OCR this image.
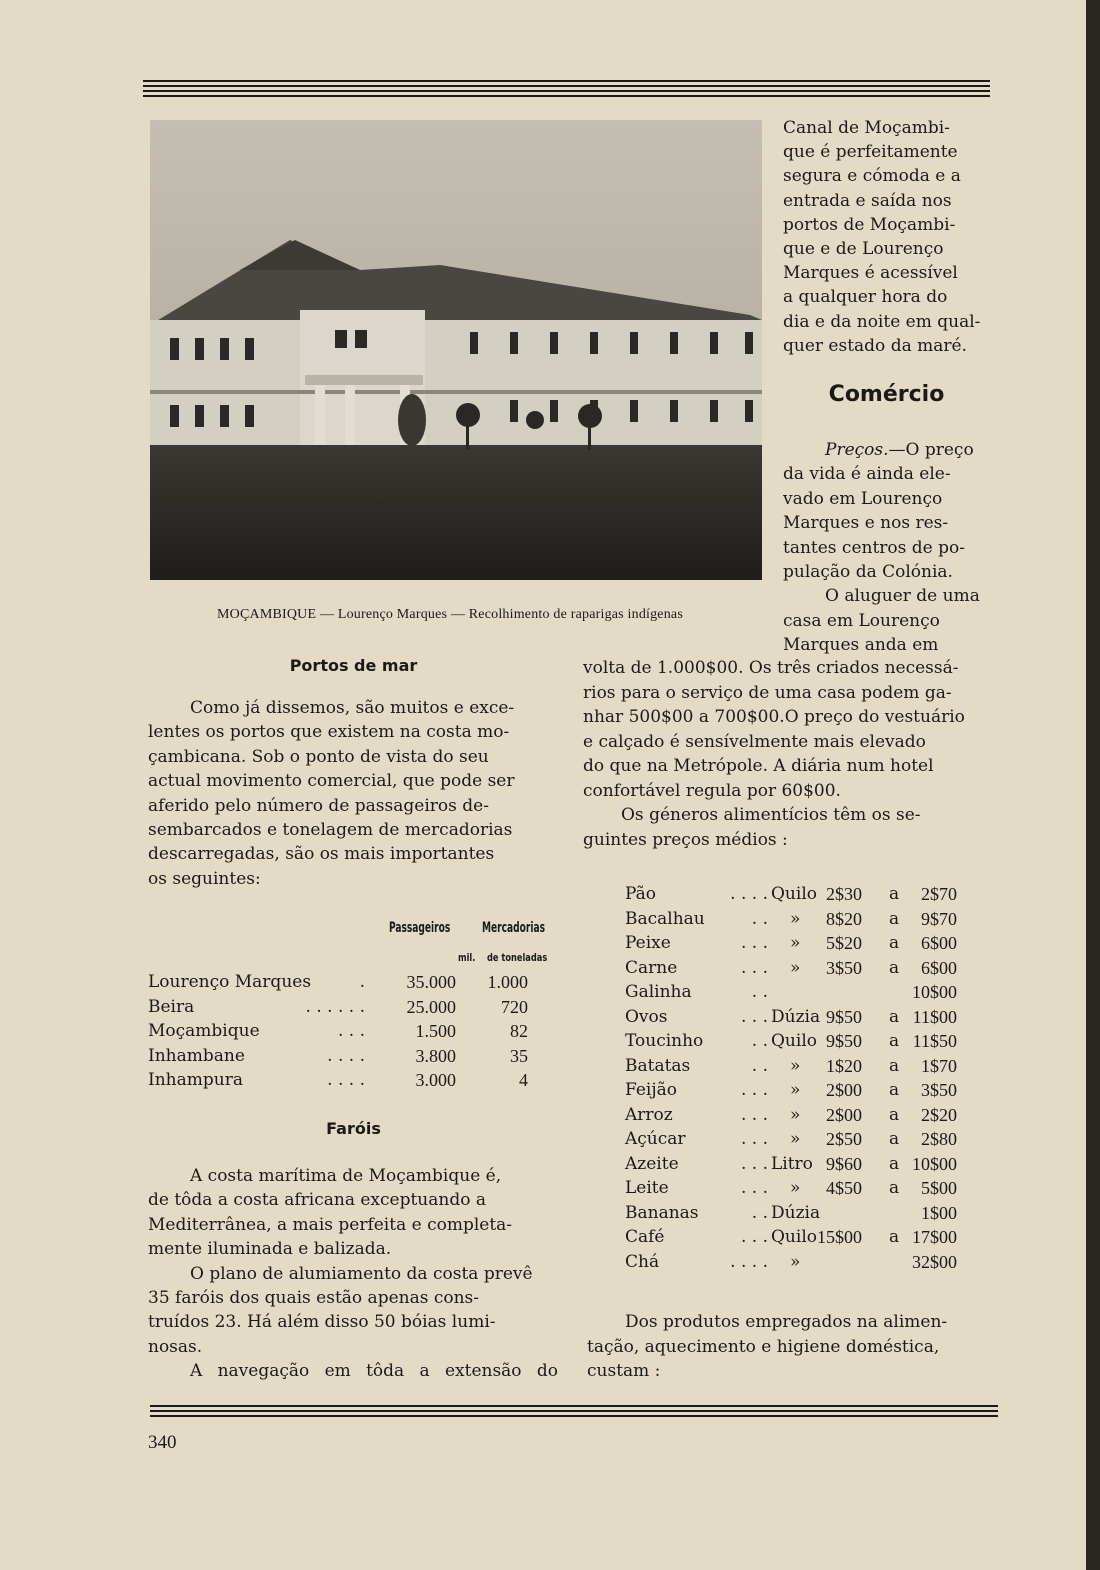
MOÇAMBIQUE — Lourenço Marques — Recolhimento de raparigas indígenas

Canal de Moçambi-

que é perfeitamente

segura e cómoda e a

entrada e saída nos

portos de Moçambi-

que e de Lourenço

Marques é acessível

a qualquer hora do

dia e da noite em qual-

quer estado da maré.

Comércio

Preços.—O preço

da vida é ainda ele-

vado em Lourenço

Marques e nos res-

tantes centros de po-

pulação da Colónia.

O aluguer de uma

casa em Lourenço

Marques anda em

volta de 1.000$00. Os três criados necessá-

rios para o serviço de uma casa podem ga-

nhar 500$00 a 700$00.O preço do vestuário

e calçado é sensívelmente mais elevado

do que na Metrópole. A diária num hotel

confortável regula por 60$00.

Os géneros alimentícios têm os se-

guintes preços médios :

Portos de mar

Como já dissemos, são muitos e exce-

lentes os portos que existem na costa mo-

çambicana. Sob o ponto de vista do seu

actual movimento comercial, que pode ser

aferido pelo número de passageiros de-

sembarcados e tonelagem de mercadorias

descarregadas, são os mais importantes

os seguintes:

Passageiros Mercadorias
mil. de toneladas
Lourenço Marques	. 35.000 1.000
Beira	. . . . . . 25.000	720
Moçambique	. . .	1.500	82
Inhambane	. . . .	3.800	35
Inhampura	. . . .	3.000	4
Faróis

A costa marítima de Moçambique é,

de tôda a costa africana exceptuando a

Mediterrânea, a mais perfeita e completa-

mente iluminada e balizada.

O plano de alumiamento da costa prevê

35 faróis dos quais estão apenas cons-

truídos 23. Há além disso 50 bóias lumi-

nosas.

A navegação em tôda a extensão do

Pão	. . . . Quilo 2$30 a 2$70
Bacalhau	. . » 8$20 a 9$70
Peixe	. . . » 5$20 a 6$00
Carne	. . . » 3$50 a 6$00
Galinha	. .	10$00
Ovos	. . . Dúzia 9$50 a 11$00
Toucinho	. . Quilo 9$50 a 11$50
Batatas	. . » 1$20 a 1$70
Feijão	. . . » 2$00 a 3$50
Arroz	. . . » 2$00 a 2$20
Açúcar	. . . » 2$50 a 2$80
Azeite	. . . Litro 9$60 a 10$00
Leite	. . . » 4$50 a 5$00
Bananas	. . Dúzia	1$00
Café	. . . Quilo 15$00 a 17$00
Chá	. . . . »	32$00

Dos produtos empregados na alimen-

tação, aquecimento e higiene doméstica,

custam :

340
